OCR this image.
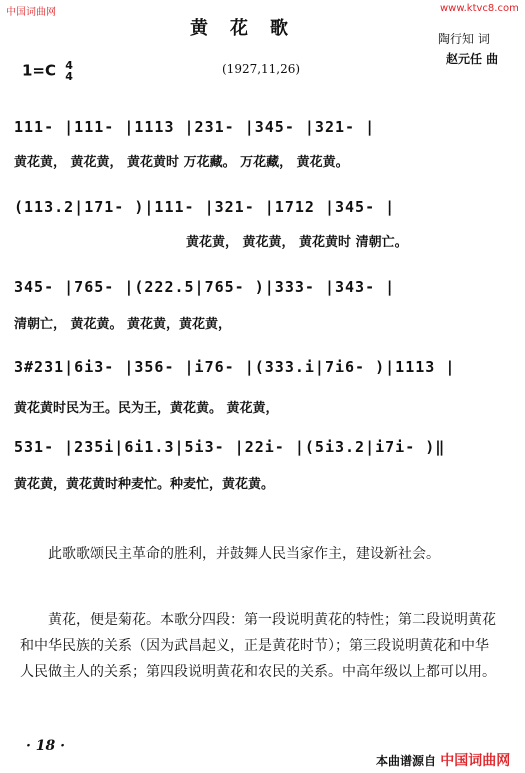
中国词曲网	www.ktvc8.com
黄花歌	陶行知 词
赵元任 曲
1=C 4
4
(1927,11,26)
111- |111- |1113 |231- |345- |321- |
黄花黄， 黄花黄， 黄花黄时 万花藏。 万花藏， 黄花黄。
(113.2|171- )|111- |321- |1712 |345- |
黄花黄， 黄花黄， 黄花黄时 清朝亡。
345- |765- |(222.5|765- )|333- |343- |
清朝亡， 黄花黄。 黄花黄，黄花黄，
3#231|6i3- |356- |i76- |(333.i|7i6- )|1113 |
黄花黄时民为王。民为王，黄花黄。 黄花黄，
531- |235i|6i1.3|5i3- |22i- |(5i3.2|i7i- )‖
黄花黄，黄花黄时种麦忙。种麦忙，黄花黄。
此歌歌颂民主革命的胜利，并鼓舞人民当家作主，建设新社会。
黄花，便是菊花。本歌分四段：第一段说明黄花的特性；第二段说明黄花和中华民族的关系（因为武昌起义，正是黄花时节）；第三段说明黄花和中华人民做主人的关系；第四段说明黄花和农民的关系。中高年级以上都可以用。
· 18 ·
本曲谱源自 中国词曲网
